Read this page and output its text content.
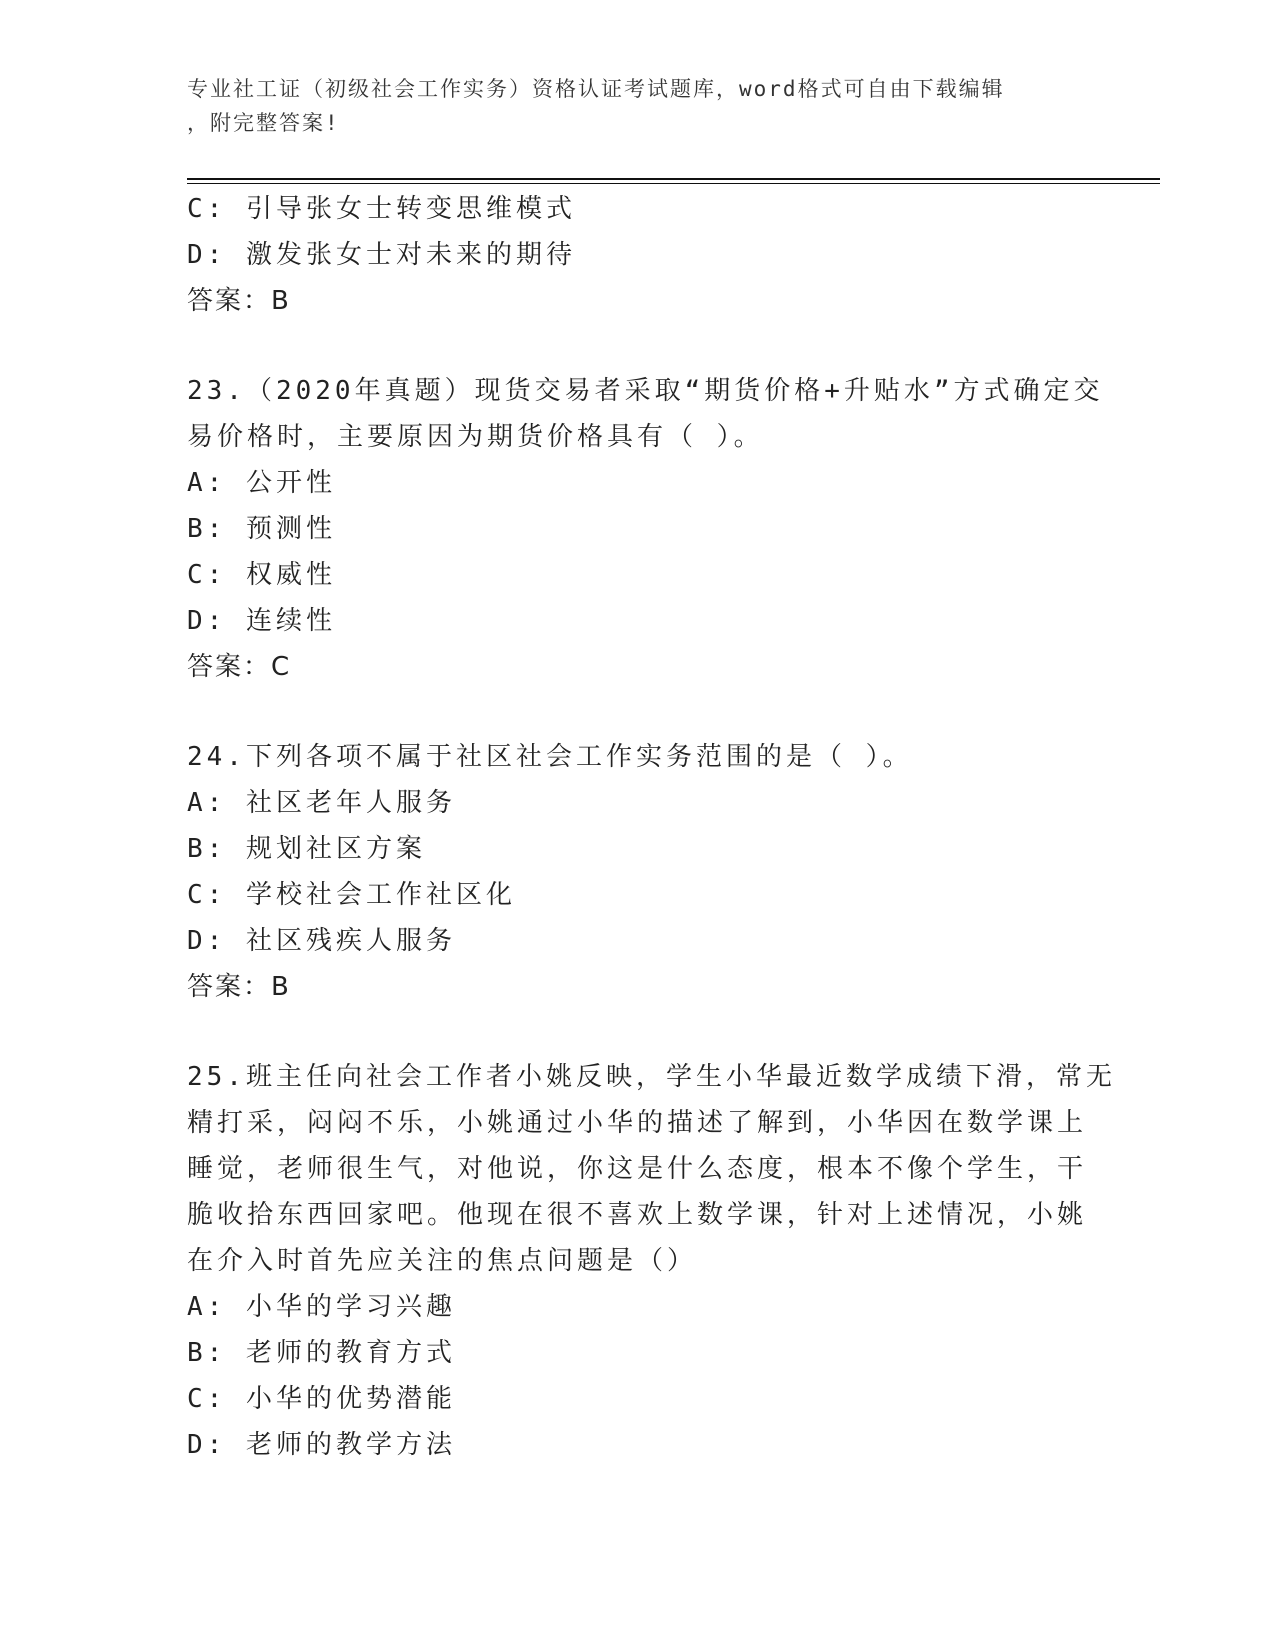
专业社工证（初级社会工作实务）资格认证考试题库，word格式可自由下载编辑
，附完整答案!
C: 引导张女士转变思维模式
D: 激发张女士对未来的期待
答案：B
23.（2020年真题）现货交易者采取“期货价格+升贴水”方式确定交
易价格时，主要原因为期货价格具有（ ）。
A: 公开性
B: 预测性
C: 权威性
D: 连续性
答案：C
24.下列各项不属于社区社会工作实务范围的是（ ）。
A: 社区老年人服务
B: 规划社区方案
C: 学校社会工作社区化
D: 社区残疾人服务
答案：B
25.班主任向社会工作者小姚反映，学生小华最近数学成绩下滑，常无
精打采，闷闷不乐，小姚通过小华的描述了解到，小华因在数学课上
睡觉，老师很生气，对他说，你这是什么态度，根本不像个学生，干
脆收拾东西回家吧。他现在很不喜欢上数学课，针对上述情况，小姚
在介入时首先应关注的焦点问题是（）
A: 小华的学习兴趣
B: 老师的教育方式
C: 小华的优势潜能
D: 老师的教学方法
